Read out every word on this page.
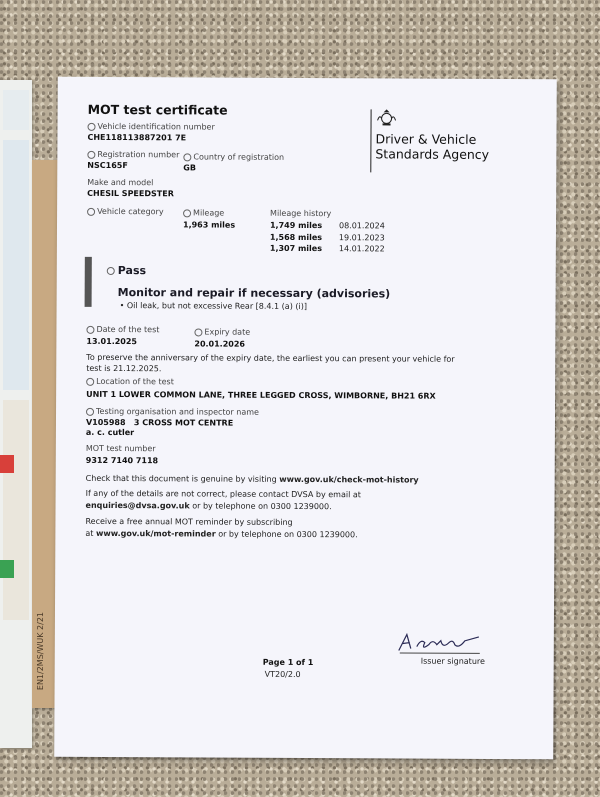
EN1/2MS/WUK 2/21
MOT test certificate
Driver & Vehicle Standards Agency
Vehicle identification number
CHE118113887201 7E
Registration number
NSC165F
Country of registration
GB
Make and model
CHESIL SPEEDSTER
Vehicle category	Mileage
1,963 miles
Mileage history
1,749 miles 08.01.2024
1,568 miles 19.01.2023
1,307 miles 14.01.2022
Pass
Monitor and repair if necessary (advisories)
• Oil leak, but not excessive Rear [8.4.1 (a) (i)]
Date of the test
13.01.2025
Expiry date
20.01.2026
To preserve the anniversary of the expiry date, the earliest you can present your vehicle for test is 21.12.2025.
Location of the test
UNIT 1 LOWER COMMON LANE, THREE LEGGED CROSS, WIMBORNE, BH21 6RX
Testing organisation and inspector name
V105988   3 CROSS MOT CENTRE
a. c. cutler
MOT test number
9312 7140 7118
Check that this document is genuine by visiting www.gov.uk/check-mot-history
If any of the details are not correct, please contact DVSA by email at
enquiries@dvsa.gov.uk or by telephone on 0300 1239000.
Receive a free annual MOT reminder by subscribing
at www.gov.uk/mot-reminder or by telephone on 0300 1239000.
Page 1 of 1
VT20/2.0
Issuer signature
